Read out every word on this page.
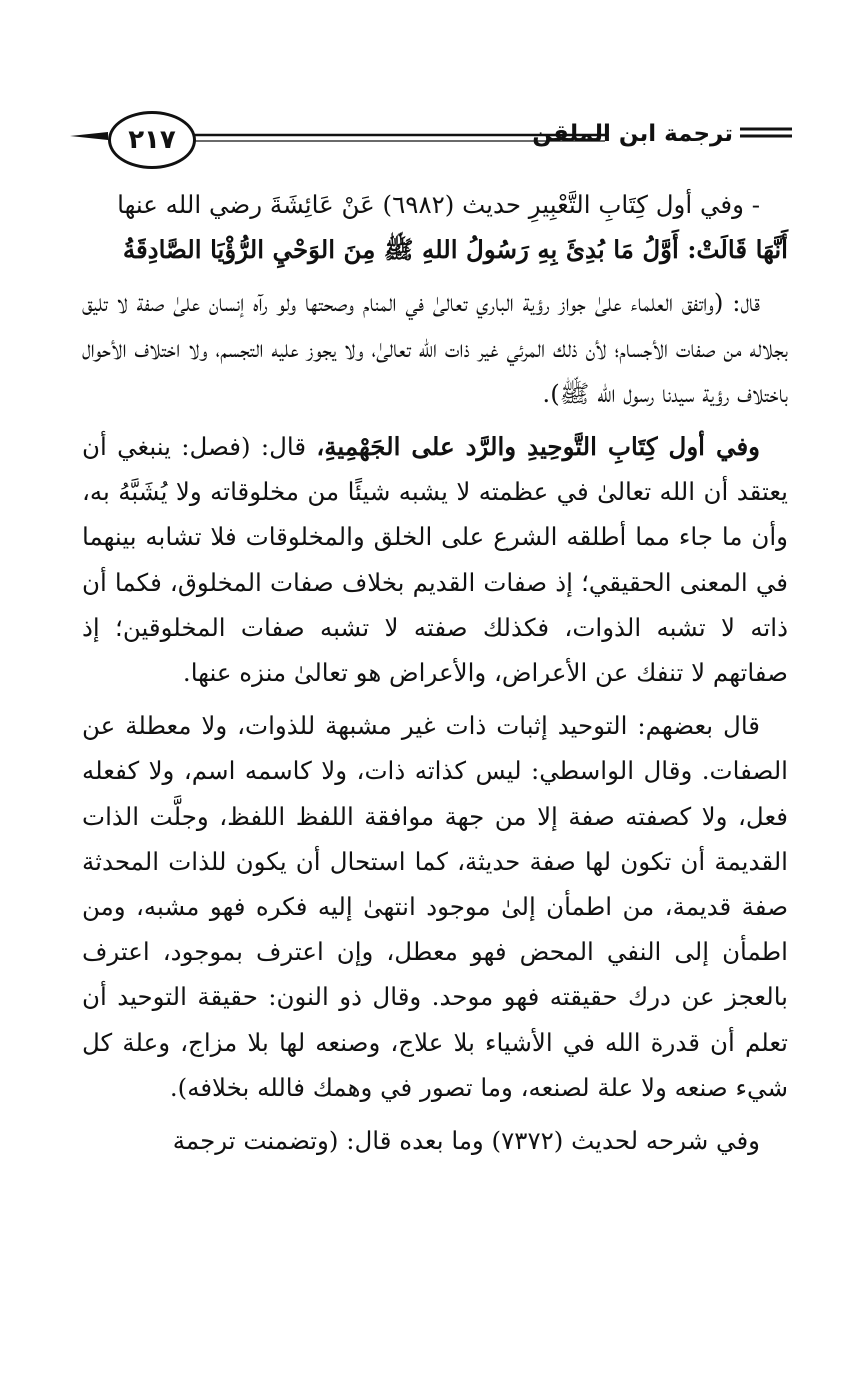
ترجمة ابن الملقن
٢١٧

- وفي أول كِتَابِ التَّعْبِيرِ حديث (٦٩٨٢) عَنْ عَائِشَةَ رضي الله عنها

أَنَّهَا قَالَتْ: أَوَّلُ مَا بُدِئَ بِهِ رَسُولُ اللهِ ﷺ مِنَ الوَحْيِ الرُّؤْيَا الصَّادِقَةُ

قال: (واتفق العلماء علىٰ جواز رؤية الباري تعالىٰ في المنام وصحتها ولو رآه إنسان علىٰ صفة لا تليق بجلاله من صفات الأجسام؛ لأن ذلك المرئي غير ذات الله تعالىٰ، ولا يجوز عليه التجسم، ولا اختلاف الأحوال باختلاف رؤية سيدنا رسول الله ﷺ).

وفي أول كِتَابِ التَّوحِيدِ والرَّد على الجَهْمِيةِ، قال: (فصل: ينبغي أن يعتقد أن الله تعالىٰ في عظمته لا يشبه شيئًا من مخلوقاته ولا يُشَبَّهُ به، وأن ما جاء مما أطلقه الشرع على الخلق والمخلوقات فلا تشابه بينهما في المعنى الحقيقي؛ إذ صفات القديم بخلاف صفات المخلوق، فكما أن ذاته لا تشبه الذوات، فكذلك صفته لا تشبه صفات المخلوقين؛ إذ صفاتهم لا تنفك عن الأعراض، والأعراض هو تعالىٰ منزه عنها.

قال بعضهم: التوحيد إثبات ذات غير مشبهة للذوات، ولا معطلة عن الصفات. وقال الواسطي: ليس كذاته ذات، ولا كاسمه اسم، ولا كفعله فعل، ولا كصفته صفة إلا من جهة موافقة اللفظ اللفظ، وجلَّت الذات القديمة أن تكون لها صفة حديثة، كما استحال أن يكون للذات المحدثة صفة قديمة، من اطمأن إلىٰ موجود انتهىٰ إليه فكره فهو مشبه، ومن اطمأن إلى النفي المحض فهو معطل، وإن اعترف بموجود، اعترف بالعجز عن درك حقيقته فهو موحد. وقال ذو النون: حقيقة التوحيد أن تعلم أن قدرة الله في الأشياء بلا علاج، وصنعه لها بلا مزاج، وعلة كل شيء صنعه ولا علة لصنعه، وما تصور في وهمك فالله بخلافه).

وفي شرحه لحديث (٧٣٧٢) وما بعده قال: (وتضمنت ترجمة
